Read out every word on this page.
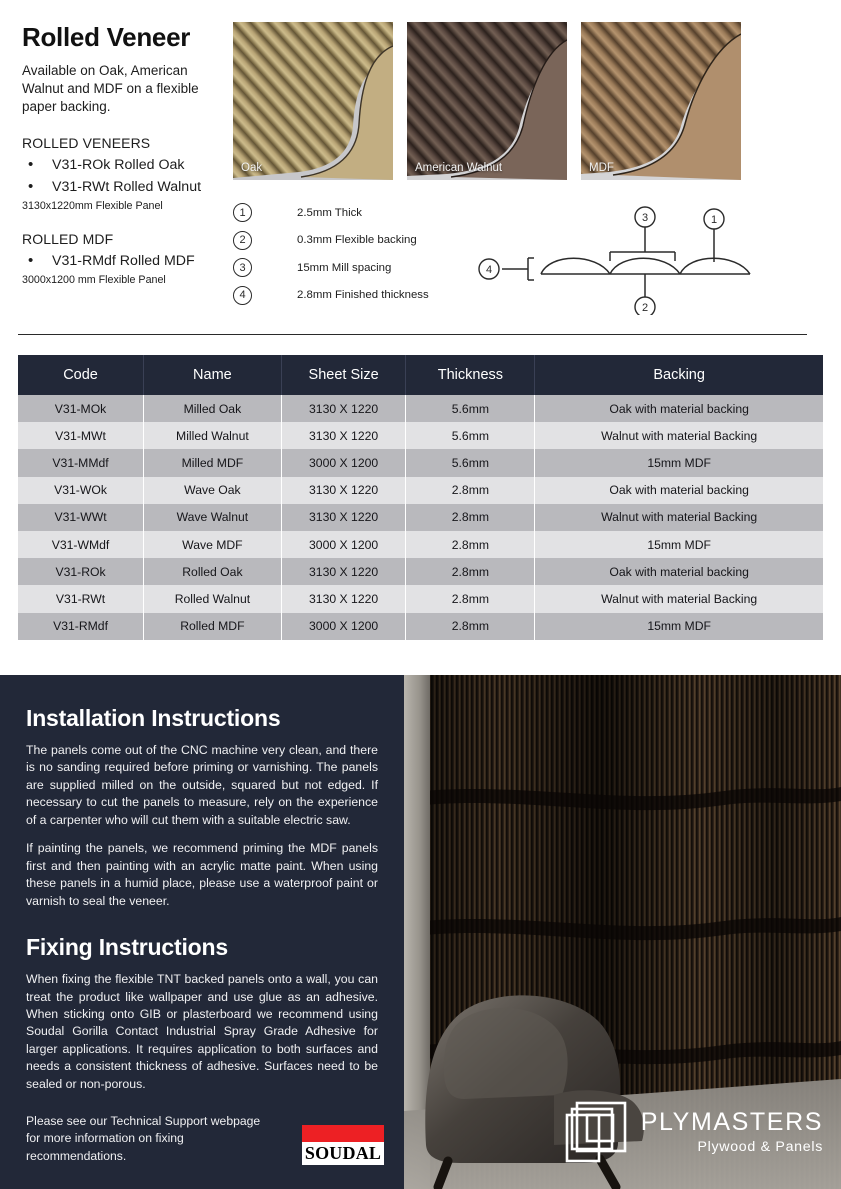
Rolled Veneer
Available on Oak, American Walnut and MDF on a flexible paper backing.
ROLLED VENEERS
• V31-ROk Rolled Oak
• V31-RWt Rolled Walnut
3130x1220mm Flexible Panel
ROLLED MDF
• V31-RMdf Rolled MDF
3000x1200 mm Flexible Panel
Oak	American Walnut	MDF
1	2.5mm Thick
2	0.3mm Flexible backing
3	15mm Mill spacing
4	2.8mm Finished thickness
1
2
3
4
Code	Name	Sheet Size	Thickness	Backing
V31-MOk	Milled Oak	3130 X 1220	5.6mm	Oak with material backing
V31-MWt	Milled Walnut	3130 X 1220	5.6mm	Walnut with material Backing
V31-MMdf	Milled MDF	3000 X 1200	5.6mm	15mm MDF
V31-WOk	Wave Oak	3130 X 1220	2.8mm	Oak with material backing
V31-WWt	Wave Walnut	3130 X 1220	2.8mm	Walnut with material Backing
V31-WMdf	Wave MDF	3000 X 1200	2.8mm	15mm MDF
V31-ROk	Rolled Oak	3130 X 1220	2.8mm	Oak with material backing
V31-RWt	Rolled Walnut	3130 X 1220	2.8mm	Walnut with material Backing
V31-RMdf	Rolled MDF	3000 X 1200	2.8mm	15mm MDF
Installation Instructions
The panels come out of the CNC machine very clean, and there is no sanding required before priming or varnishing. The panels are supplied milled on the outside, squared but not edged. If necessary to cut the panels to measure, rely on the experience of a carpenter who will cut them with a suitable electric saw.
If painting the panels, we recommend priming the MDF panels first and then painting with an acrylic matte paint. When using these panels in a humid place, please use a waterproof paint or varnish to seal the veneer.
Fixing Instructions
When fixing the flexible TNT backed panels onto a wall, you can treat the product like wallpaper and use glue as an adhesive. When sticking onto GIB or plasterboard we recommend using Soudal Gorilla Contact Industrial Spray Grade Adhesive for larger applications. It requires application to both surfaces and needs a consistent thickness of adhesive. Surfaces need to be sealed or non-porous.
Please see our Technical Support webpage for more information on fixing recommendations.	SOUDAL
PLYMASTERS
Plywood & Panels
